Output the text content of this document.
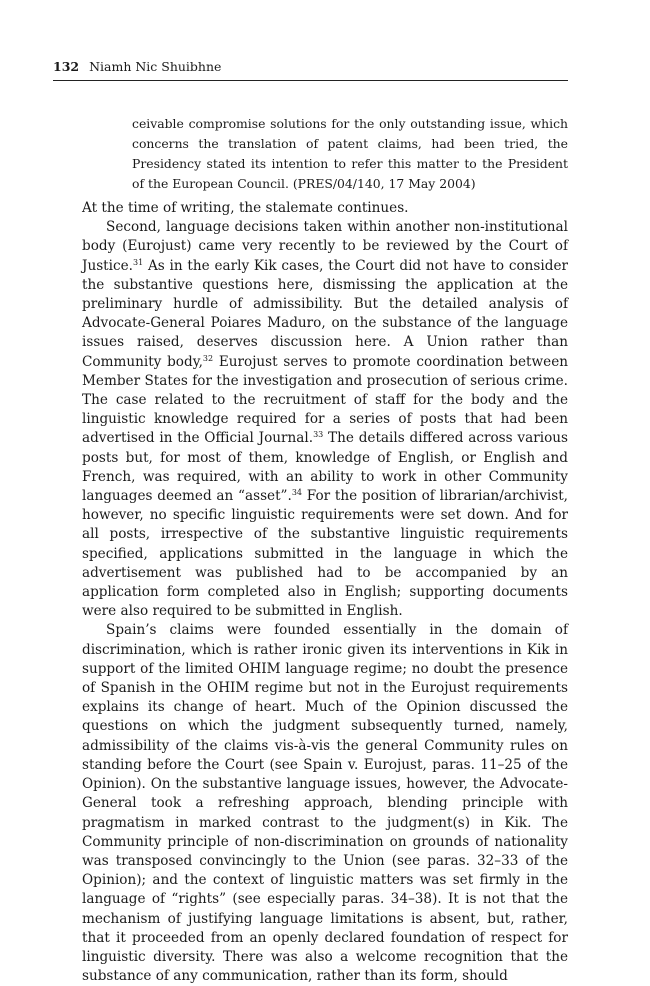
132 Niamh Nic Shuibhne
ceivable compromise solutions for the only outstanding issue, which concerns the translation of patent claims, had been tried, the Presidency stated its intention to refer this matter to the President of the European Council. (PRES/04/140, 17 May 2004)

At the time of writing, the stalemate continues.

Second, language decisions taken within another non-institutional body (Eurojust) came very recently to be reviewed by the Court of Justice.$^{31}$ As in the early Kik cases, the Court did not have to consider the substantive questions here, dismissing the application at the preliminary hurdle of admissibility. But the detailed analysis of Advocate-General Poiares Maduro, on the substance of the language issues raised, deserves discussion here. A Union rather than Community body,$^{32}$ Eurojust serves to promote coordination between Member States for the investigation and prosecution of serious crime. The case related to the recruitment of staff for the body and the linguistic knowledge required for a series of posts that had been advertised in the Official Journal.$^{33}$ The details differed across various posts but, for most of them, knowledge of English, or English and French, was required, with an ability to work in other Community languages deemed an “asset”.$^{34}$ For the position of librarian/archivist, however, no specific linguistic requirements were set down. And for all posts, irrespective of the substantive linguistic requirements specified, applications submitted in the language in which the advertisement was published had to be accompanied by an application form completed also in English; supporting documents were also required to be submitted in English.

Spain’s claims were founded essentially in the domain of discrimination, which is rather ironic given its interventions in Kik in support of the limited OHIM language regime; no doubt the presence of Spanish in the OHIM regime but not in the Eurojust requirements explains its change of heart. Much of the Opinion discussed the questions on which the judgment subsequently turned, namely, admissibility of the claims vis-à-vis the general Community rules on standing before the Court (see Spain v. Eurojust, paras. 11–25 of the Opinion). On the substantive language issues, however, the Advocate-General took a refreshing approach, blending principle with pragmatism in marked contrast to the judgment(s) in Kik. The Community principle of non-discrimination on grounds of nationality was transposed convincingly to the Union (see paras. 32–33 of the Opinion); and the context of linguistic matters was set firmly in the language of “rights” (see especially paras. 34–38). It is not that the mechanism of justifying language limitations is absent, but, rather, that it proceeded from an openly declared foundation of respect for linguistic diversity. There was also a welcome recognition that the substance of any communication, rather than its form, should
